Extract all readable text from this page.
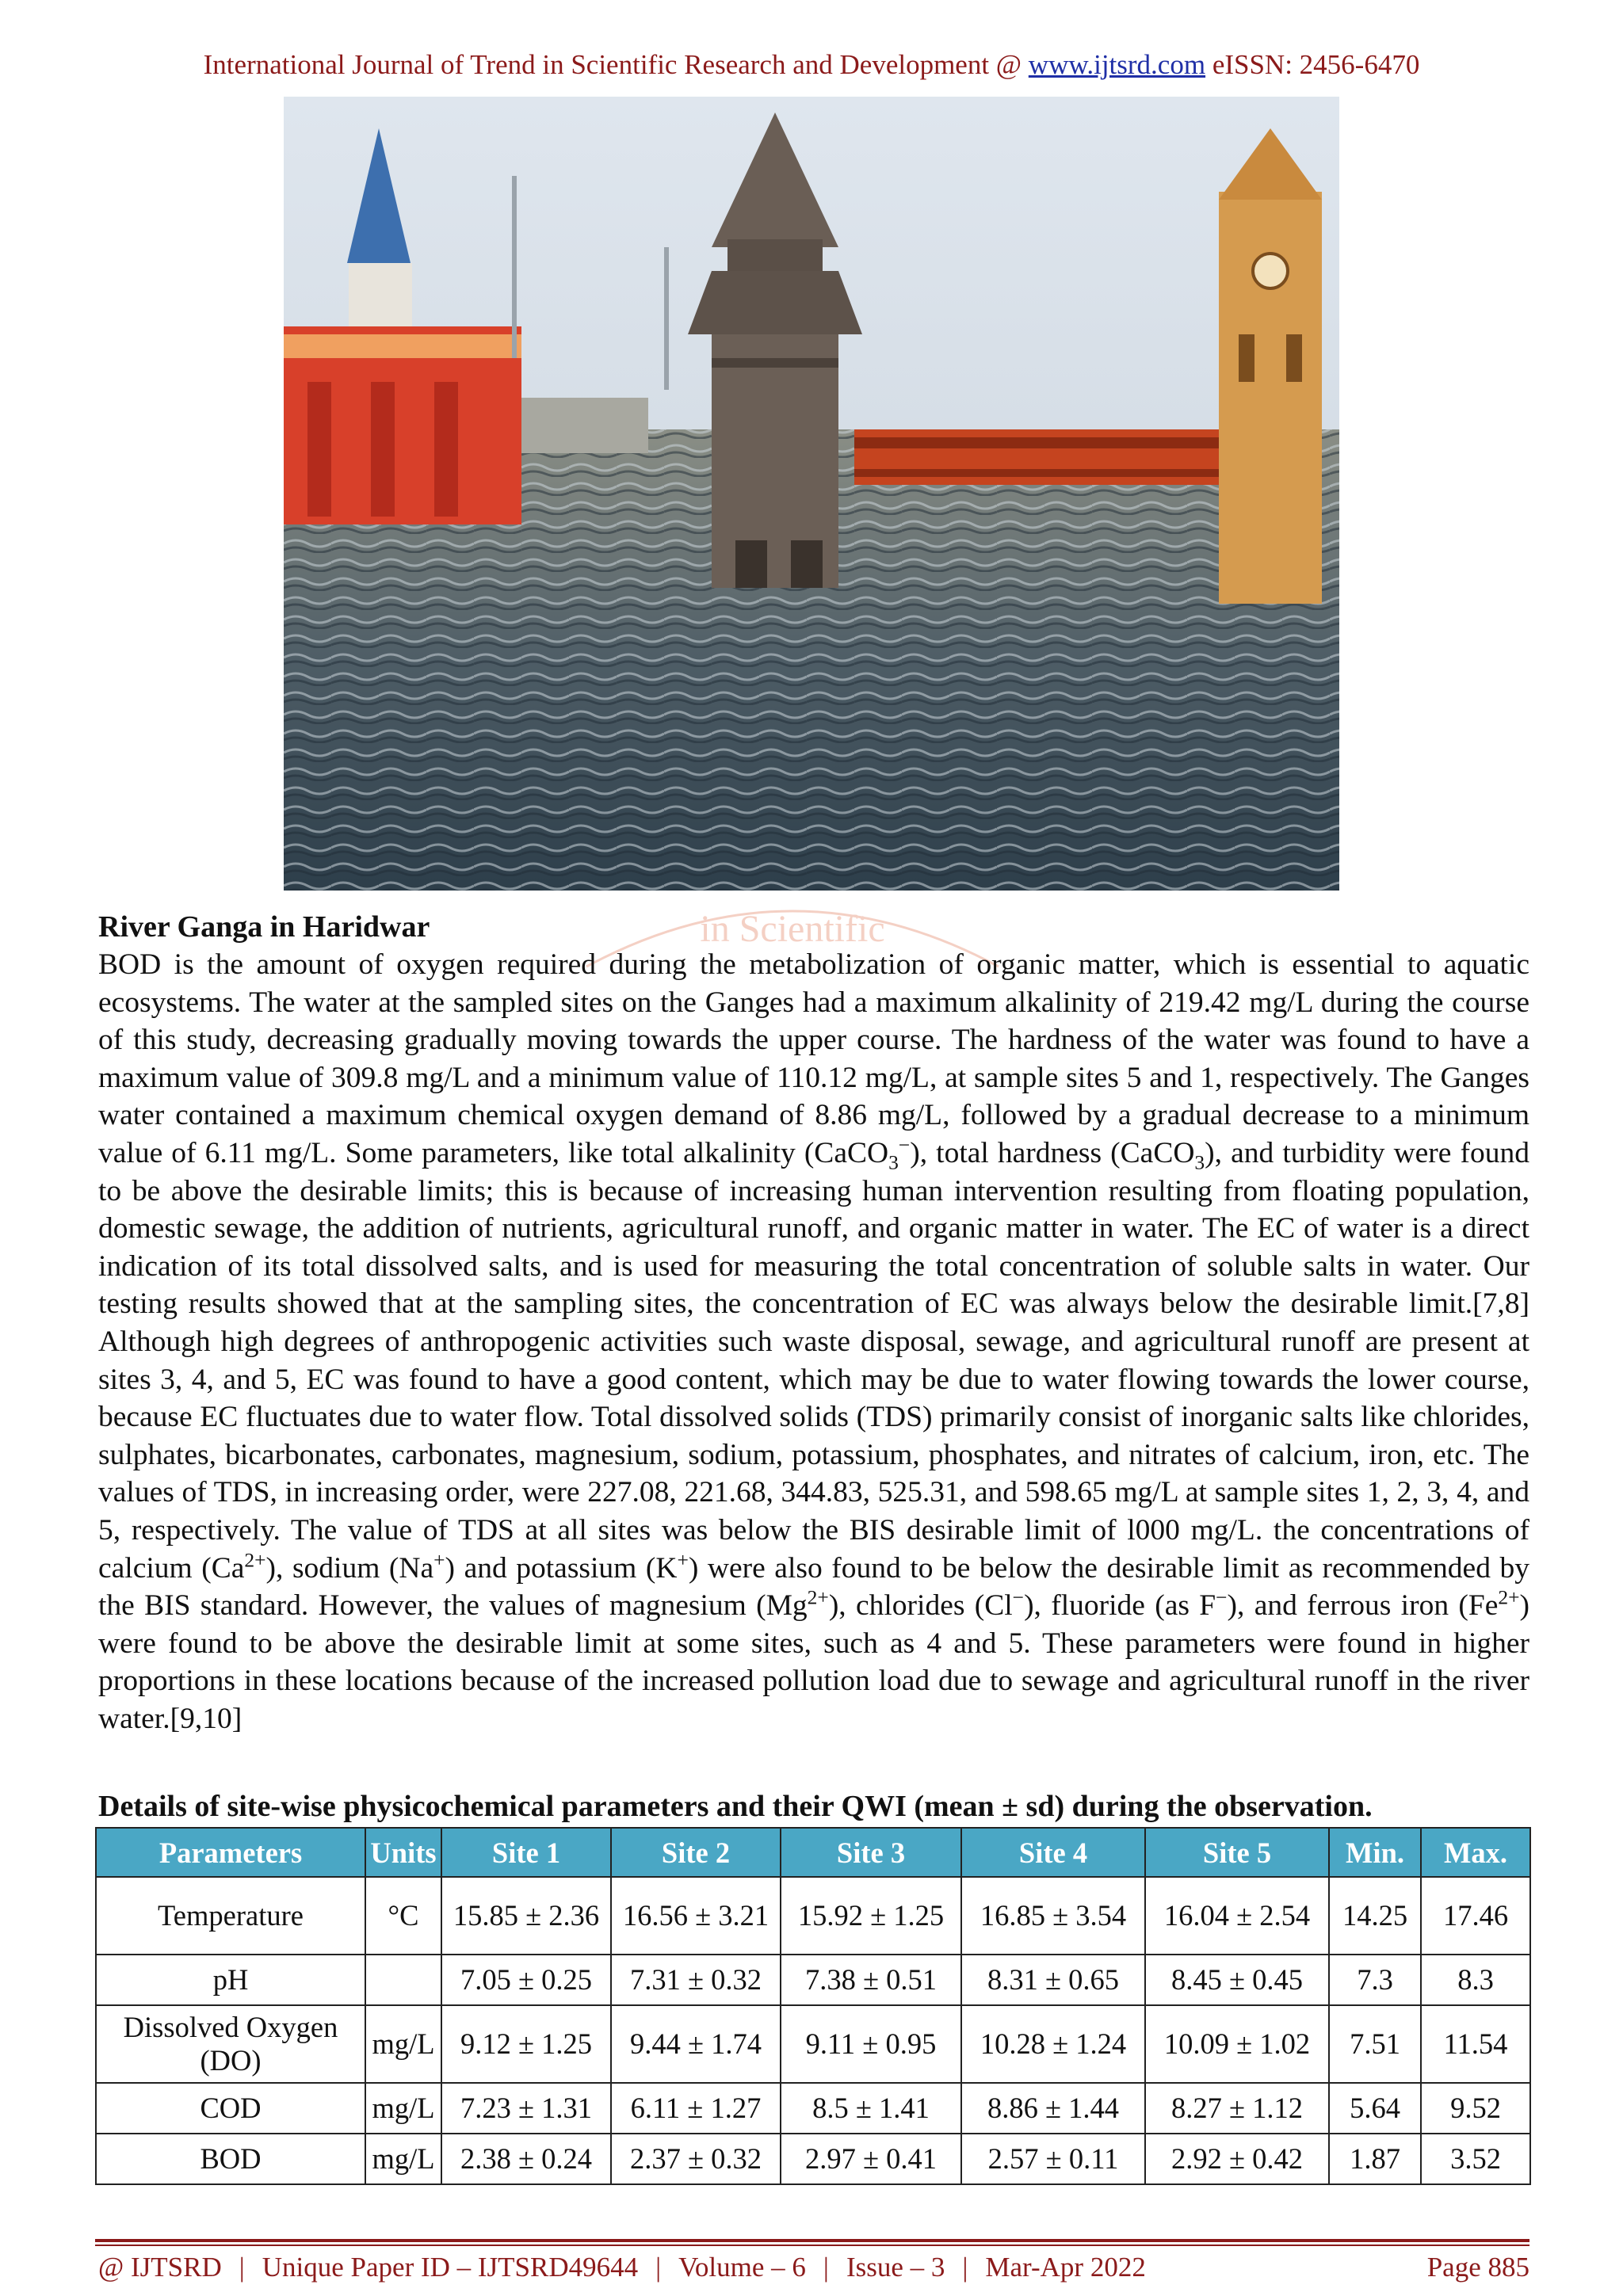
International Journal of Trend in Scientific Research and Development @ www.ijtsrd.com eISSN: 2456-6470
in Scientific
River Ganga in Haridwar
BOD is the amount of oxygen required during the metabolization of organic matter, which is essential to aquatic ecosystems. The water at the sampled sites on the Ganges had a maximum alkalinity of 219.42 mg/L during the course of this study, decreasing gradually moving towards the upper course. The hardness of the water was found to have a maximum value of 309.8 mg/L and a minimum value of 110.12 mg/L, at sample sites 5 and 1, respectively. The Ganges water contained a maximum chemical oxygen demand of 8.86 mg/L, followed by a gradual decrease to a minimum value of 6.11 mg/L. Some parameters, like total alkalinity (CaCO$_3$−), total hardness (CaCO$_3$), and turbidity were found to be above the desirable limits; this is because of increasing human intervention resulting from floating population, domestic sewage, the addition of nutrients, agricultural runoff, and organic matter in water. The EC of water is a direct indication of its total dissolved salts, and is used for measuring the total concentration of soluble salts in water. Our testing results showed that at the sampling sites, the concentration of EC was always below the desirable limit.[7,8] Although high degrees of anthropogenic activities such waste disposal, sewage, and agricultural runoff are present at sites 3, 4, and 5, EC was found to have a good content, which may be due to water flowing towards the lower course, because EC fluctuates due to water flow. Total dissolved solids (TDS) primarily consist of inorganic salts like chlorides, sulphates, bicarbonates, carbonates, magnesium, sodium, potassium, phosphates, and nitrates of calcium, iron, etc. The values of TDS, in increasing order, were 227.08, 221.68, 344.83, 525.31, and 598.65 mg/L at sample sites 1, 2, 3, 4, and 5, respectively. The value of TDS at all sites was below the BIS desirable limit of l000 mg/L. the concentrations of calcium $(Ca^{2+})$, sodium (Na+) and potassium (K+) were also found to be below the desirable limit as recommended by the BIS standard. However, the values of magnesium $(Mg^{2+})$, chlorides (Cl−), fluoride (as F−), and ferrous iron $(Fe^{2+})$ were found to be above the desirable limit at some sites, such as 4 and 5. These parameters were found in higher proportions in these locations because of the increased pollution load due to sewage and agricultural runoff in the river water.[9,10]
Details of site-wise physicochemical parameters and their QWI (mean ± sd) during the observation.
Parameters	Units	Site 1	Site 2	Site 3	Site 4	Site 5	Min.	Max.
Temperature	°C	15.85 ± 2.36	16.56 ± 3.21	15.92 ± 1.25	16.85 ± 3.54	16.04 ± 2.54	14.25	17.46
pH		7.05 ± 0.25	7.31 ± 0.32	7.38 ± 0.51	8.31 ± 0.65	8.45 ± 0.45	7.3	8.3
Dissolved Oxygen (DO)	mg/L	9.12 ± 1.25	9.44 ± 1.74	9.11 ± 0.95	10.28 ± 1.24	10.09 ± 1.02	7.51	11.54
COD	mg/L	7.23 ± 1.31	6.11 ± 1.27	8.5 ± 1.41	8.86 ± 1.44	8.27 ± 1.12	5.64	9.52
BOD	mg/L	2.38 ± 0.24	2.37 ± 0.32	2.97 ± 0.41	2.57 ± 0.11	2.92 ± 0.42	1.87	3.52
@ IJTSRD | Unique Paper ID – IJTSRD49644 | Volume – 6 | Issue – 3 | Mar-Apr 2022	Page 885
